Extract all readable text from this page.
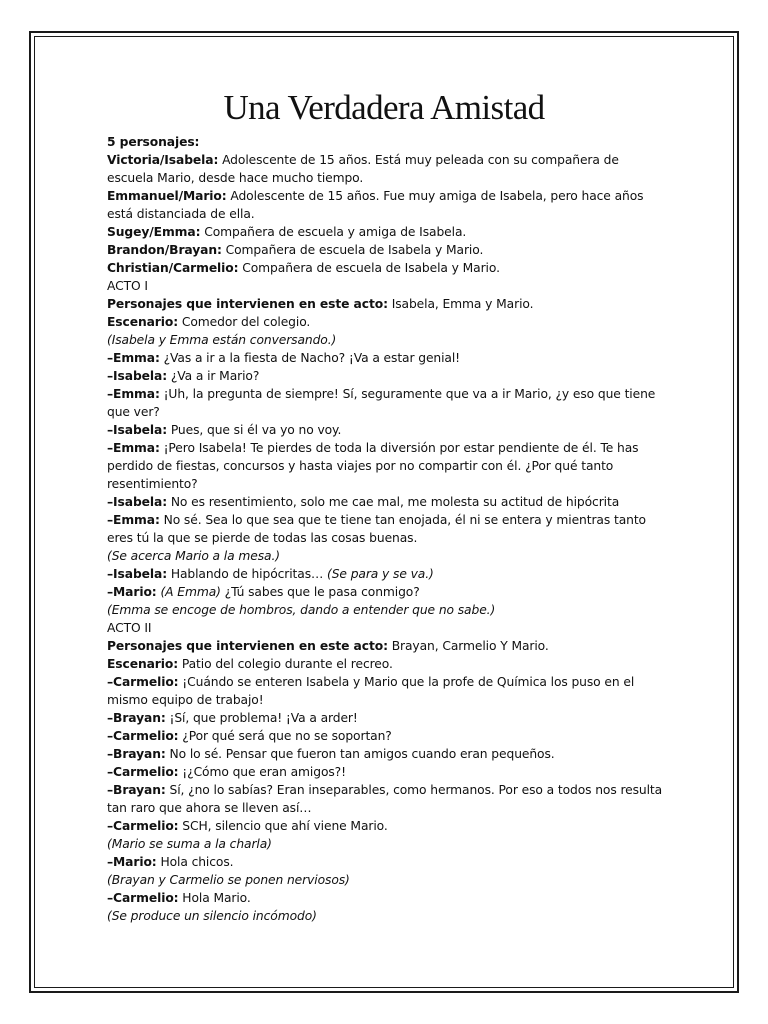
Una Verdadera Amistad

5 personajes:

Victoria/Isabela: Adolescente de 15 años. Está muy peleada con su compañera de escuela Mario, desde hace mucho tiempo.

Emmanuel/Mario: Adolescente de 15 años. Fue muy amiga de Isabela, pero hace años está distanciada de ella.

Sugey/Emma: Compañera de escuela y amiga de Isabela.

Brandon/Brayan: Compañera de escuela de Isabela y Mario.

Christian/Carmelio: Compañera de escuela de Isabela y Mario.

ACTO I

Personajes que intervienen en este acto: Isabela, Emma y Mario.

Escenario: Comedor del colegio.

(Isabela y Emma están conversando.)

–Emma: ¿Vas a ir a la fiesta de Nacho? ¡Va a estar genial!

–Isabela: ¿Va a ir Mario?

–Emma: ¡Uh, la pregunta de siempre! Sí, seguramente que va a ir Mario, ¿y eso que tiene que ver?

–Isabela: Pues, que si él va yo no voy.

–Emma: ¡Pero Isabela! Te pierdes de toda la diversión por estar pendiente de él. Te has perdido de fiestas, concursos y hasta viajes por no compartir con él. ¿Por qué tanto resentimiento?

–Isabela: No es resentimiento, solo me cae mal, me molesta su actitud de hipócrita

–Emma: No sé. Sea lo que sea que te tiene tan enojada, él ni se entera y mientras tanto eres tú la que se pierde de todas las cosas buenas.

(Se acerca Mario a la mesa.)

–Isabela: Hablando de hipócritas… (Se para y se va.)

–Mario: (A Emma) ¿Tú sabes que le pasa conmigo?

(Emma se encoge de hombros, dando a entender que no sabe.)

ACTO II

Personajes que intervienen en este acto: Brayan, Carmelio Y Mario.

Escenario: Patio del colegio durante el recreo.

–Carmelio: ¡Cuándo se enteren Isabela y Mario que la profe de Química los puso en el mismo equipo de trabajo!

–Brayan: ¡Sí, que problema! ¡Va a arder!

–Carmelio: ¿Por qué será que no se soportan?

–Brayan: No lo sé. Pensar que fueron tan amigos cuando eran pequeños.

–Carmelio: ¡¿Cómo que eran amigos?!

–Brayan: Sí, ¿no lo sabías? Eran inseparables, como hermanos. Por eso a todos nos resulta tan raro que ahora se lleven así…

–Carmelio: SCH, silencio que ahí viene Mario.

(Mario se suma a la charla)

–Mario: Hola chicos.

(Brayan y Carmelio se ponen nerviosos)

–Carmelio: Hola Mario.

(Se produce un silencio incómodo)
